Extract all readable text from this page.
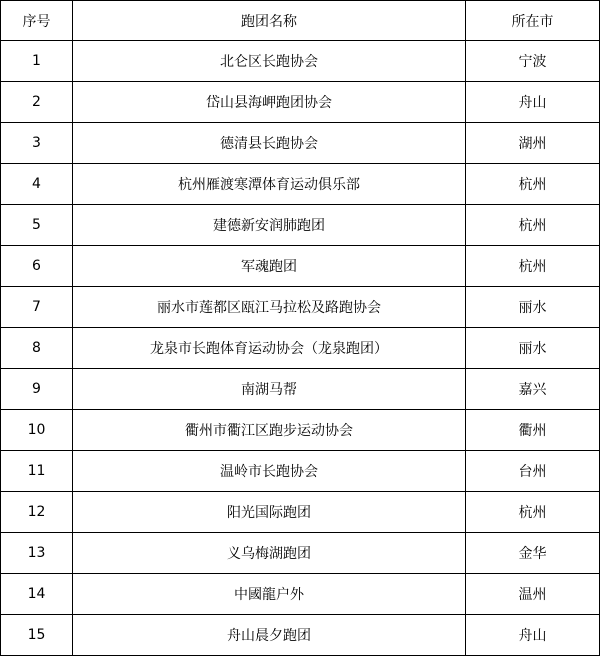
序号	跑团名称	所在市
1	北仑区长跑协会	宁波
2	岱山县海岬跑团协会	舟山
3	德清县长跑协会	湖州
4	杭州雁渡寒潭体育运动俱乐部	杭州
5	建德新安润肺跑团	杭州
6	军魂跑团	杭州
7	丽水市莲都区瓯江马拉松及路跑协会	丽水
8	龙泉市长跑体育运动协会（龙泉跑团）	丽水
9	南湖马帮	嘉兴
10	衢州市衢江区跑步运动协会	衢州
11	温岭市长跑协会	台州
12	阳光国际跑团	杭州
13	义乌梅湖跑团	金华
14	中國龍户外	温州
15	舟山晨夕跑团	舟山
